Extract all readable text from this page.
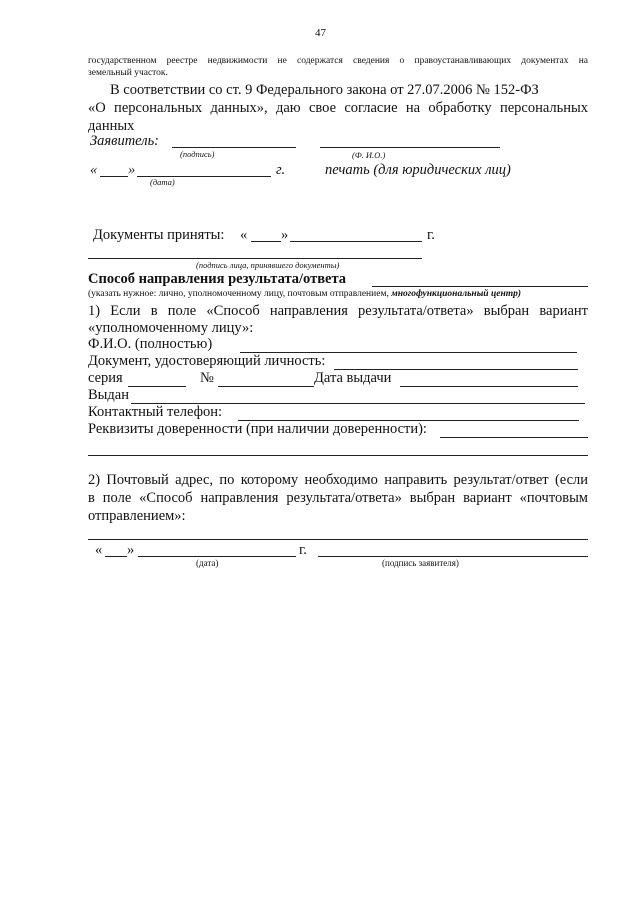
47
государственном реестре недвижимости не содержатся сведения о правоустанавливающих документах на
земельный участок.
В соответствии со ст. 9 Федерального закона от 27.07.2006 № 152-ФЗ
«О персональных данных», даю свое согласие на обработку персональных
данных
Заявитель:
(подпись)	(Ф. И.О.)
« »	г.	печать (для юридических лиц)
(дата)
Документы приняты: « »	г.
(подпись лица, принявшего документы)
Способ направления результата/ответа
(указать нужное: лично, уполномоченному лицу, почтовым отправлением, многофункциональный центр)
1) Если в поле «Способ направления результата/ответа» выбран вариант
«уполномоченному лицу»:
Ф.И.О. (полностью)
Документ, удостоверяющий личность:
серия	№	Дата выдачи
Выдан
Контактный телефон:
Реквизиты доверенности (при наличии доверенности):
2) Почтовый адрес, по которому необходимо направить результат/ответ (если
в поле «Способ направления результата/ответа» выбран вариант «почтовым
отправлением»:
« »	г.
(дата)	(подпись заявителя)
